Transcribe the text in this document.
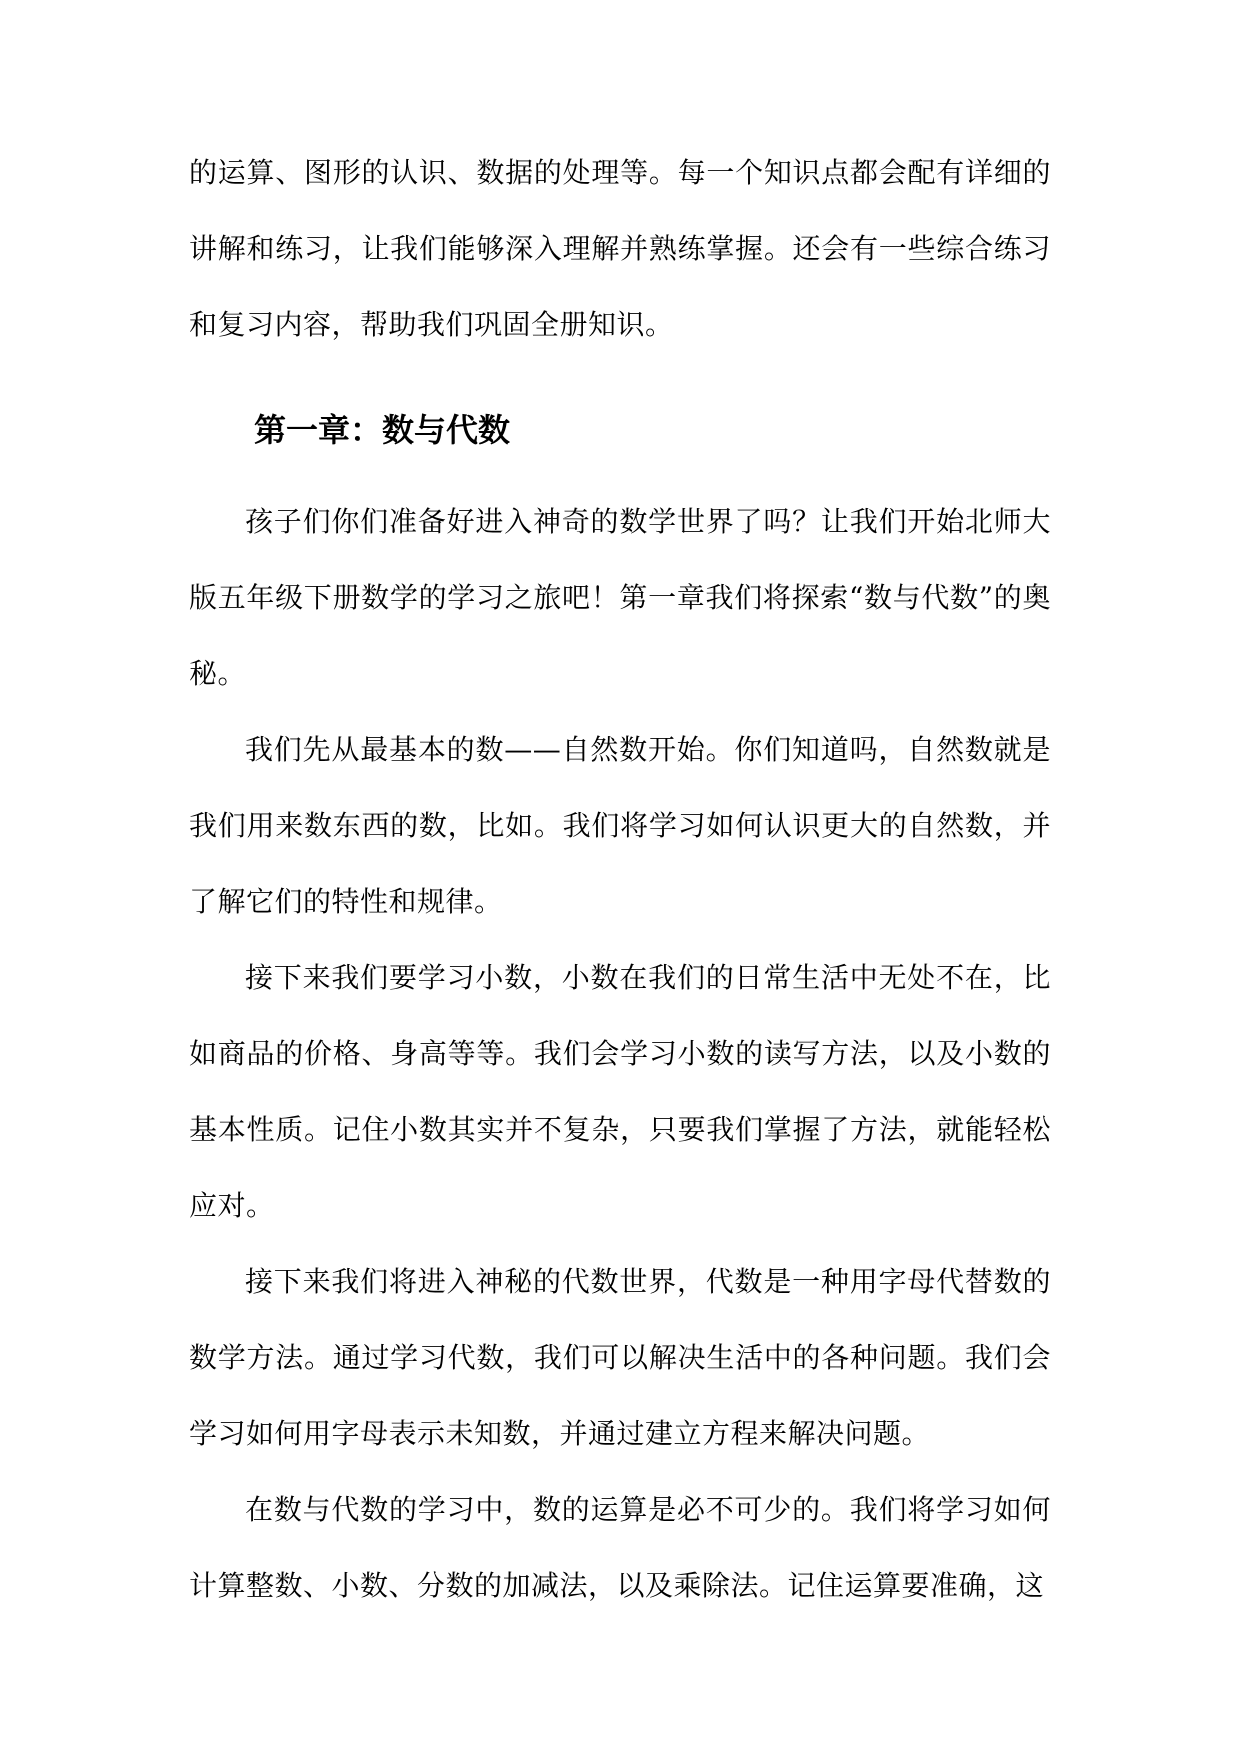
的运算、图形的认识、数据的处理等。每一个知识点都会配有详细的讲解和练习，让我们能够深入理解并熟练掌握。还会有一些综合练习和复习内容，帮助我们巩固全册知识。

第一章：数与代数

孩子们你们准备好进入神奇的数学世界了吗？让我们开始北师大版五年级下册数学的学习之旅吧！第一章我们将探索“数与代数”的奥秘。

我们先从最基本的数——自然数开始。你们知道吗，自然数就是我们用来数东西的数，比如。我们将学习如何认识更大的自然数，并了解它们的特性和规律。

接下来我们要学习小数，小数在我们的日常生活中无处不在，比如商品的价格、身高等等。我们会学习小数的读写方法，以及小数的基本性质。记住小数其实并不复杂，只要我们掌握了方法，就能轻松应对。

接下来我们将进入神秘的代数世界，代数是一种用字母代替数的数学方法。通过学习代数，我们可以解决生活中的各种问题。我们会学习如何用字母表示未知数，并通过建立方程来解决问题。

在数与代数的学习中，数的运算是必不可少的。我们将学习如何计算整数、小数、分数的加减法，以及乘除法。记住运算要准确，这
